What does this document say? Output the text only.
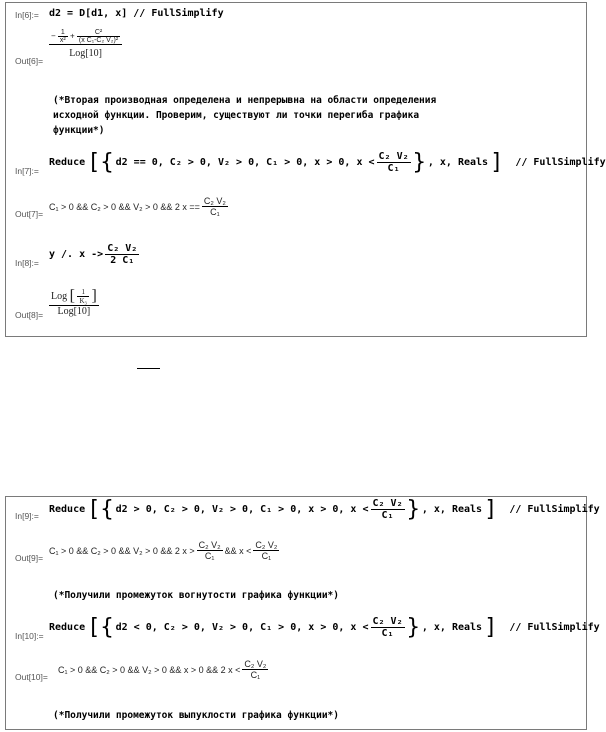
In[6]:= d2 = D[d1, x] // FullSimplify
Out[6]=
− $\frac{1}{\text{x²}} + \frac{\text{C²}}{\text{(x C₁-C₂ V₂)²}}$
Log[10]
(*Вторая производная определена и непрерывна на области определения
исходной функции. Проверим, существуют ли точки перегиба графика
функции*)
In[7]:=
Reduce [{ d2 == 0, C₂ > 0, V₂ > 0, C₁ > 0, x > 0, $x < \frac{\text{C₂ V₂}}{\text{C₁}}$ } , x, Reals ] // FullSimplify
Out[7]=
C₁ > 0 && C₂ > 0 && V₂ > 0 && 2 $x == \frac{\text{C₂ V₂}}{\text{C₁}}$
In[8]:=
y /. $x -> \frac{\text{C₂ V₂}}{\text{2 C₁}}$
Out[8]=
Log [ $\frac{1}{\text{K₃}}$ ]
Log[10]
In[9]:=
Reduce [{ d2 > 0, C₂ > 0, V₂ > 0, C₁ > 0, x > 0, $x < \frac{\text{C₂ V₂}}{\text{C₁}}$ } , x, Reals ] // FullSimplify
Out[9]=
C₁ > 0 && C₂ > 0 && V₂ > 0 && 2 $x > \frac{\text{C₂ V₂}}{\text{C₁}}$ && $x < \frac{\text{C₂ V₂}}{\text{C₁}}$
(*Получили промежуток вогнутости графика функции*)
In[10]:=
Reduce [{ d2 < 0, C₂ > 0, V₂ > 0, C₁ > 0, x > 0, $x < \frac{\text{C₂ V₂}}{\text{C₁}}$ } , x, Reals ] // FullSimplify
Out[10]=
C₁ > 0 && C₂ > 0 && V₂ > 0 && x > 0 && 2 $x < \frac{\text{C₂ V₂}}{\text{C₁}}$
(*Получили промежуток выпуклости графика функции*)
